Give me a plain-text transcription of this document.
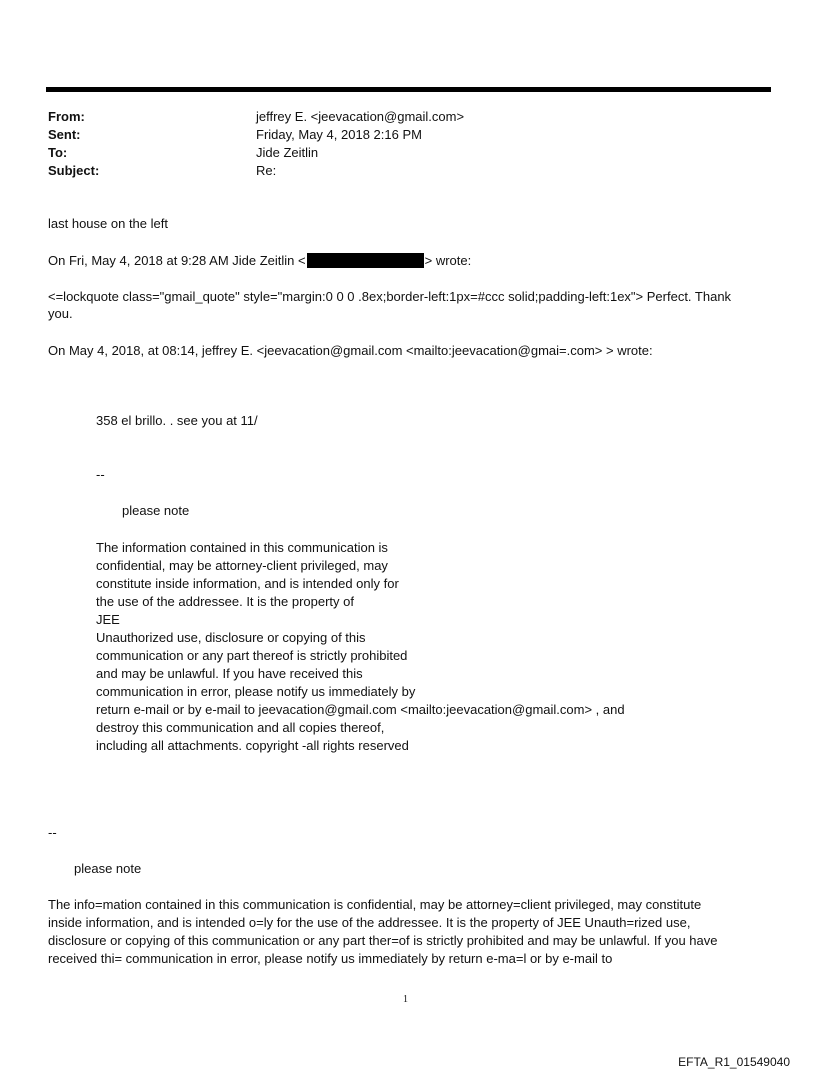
From:	jeffrey E. <jeevacation@gmail.com>
Sent:	Friday, May 4, 2018 2:16 PM
To:	Jide Zeitlin
Subject:	Re:
last house on the left
On Fri, May 4, 2018 at 9:28 AM Jide Zeitlin <	> wrote:
<=lockquote class="gmail_quote" style="margin:0 0 0 .8ex;border-left:1px=#ccc solid;padding-left:1ex"> Perfect. Thank
you.
On May 4, 2018, at 08:14, jeffrey E. <jeevacation@gmail.com <mailto:jeevacation@gmai=.com> > wrote:
358 el brillo. . see you at 11/
--
please note
The information contained in this communication is
confidential, may be attorney-client privileged, may
constitute inside information, and is intended only for
the use of the addressee. It is the property of
JEE
Unauthorized use, disclosure or copying of this
communication or any part thereof is strictly prohibited
and may be unlawful. If you have received this
communication in error, please notify us immediately by
return e-mail or by e-mail to jeevacation@gmail.com <mailto:jeevacation@gmail.com> , and
destroy this communication and all copies thereof,
including all attachments. copyright -all rights reserved
--
please note
The info=mation contained in this communication is confidential, may be attorney=client privileged, may constitute
inside information, and is intended o=ly for the use of the addressee. It is the property of JEE Unauth=rized use,
disclosure or copying of this communication or any part ther=of is strictly prohibited and may be unlawful. If you have
received thi= communication in error, please notify us immediately by return e-ma=l or by e-mail to
1
EFTA_R1_01549040
